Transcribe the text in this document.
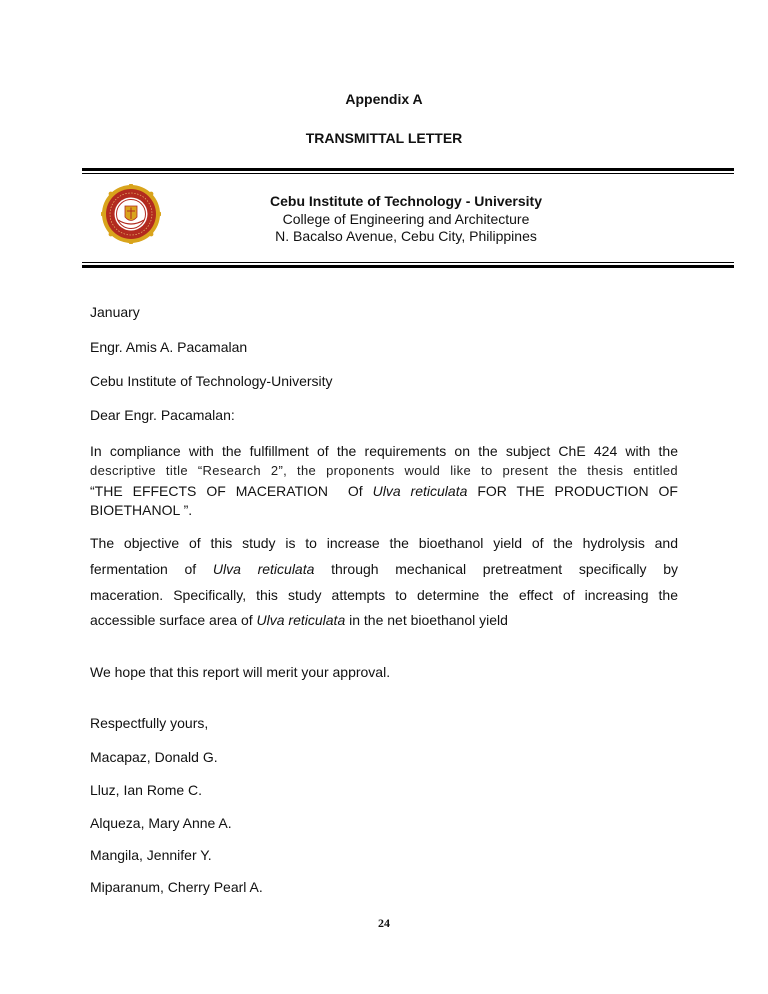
Appendix A
TRANSMITTAL LETTER
Cebu Institute of Technology - University
College of Engineering and Architecture
N. Bacalso Avenue, Cebu City, Philippines
January
Engr. Amis A. Pacamalan
Cebu Institute of Technology-University
Dear Engr. Pacamalan:
In compliance with the fulfillment of the requirements on the subject ChE 424 with the
descriptive title “Research 2”, the proponents would like to present the thesis entitled
“THE EFFECTS OF MACERATION  Of Ulva reticulata FOR THE PRODUCTION OF
BIOETHANOL ”.
The objective of this study is to increase the bioethanol yield of the hydrolysis and
fermentation of Ulva reticulata through mechanical pretreatment specifically by
maceration. Specifically, this study attempts to determine the effect of increasing the
accessible surface area of Ulva reticulata in the net bioethanol yield
We hope that this report will merit your approval.
Respectfully yours,
Macapaz, Donald G.
Lluz, Ian Rome C.
Alqueza, Mary Anne A.
Mangila, Jennifer Y.
Miparanum, Cherry Pearl A.
24
